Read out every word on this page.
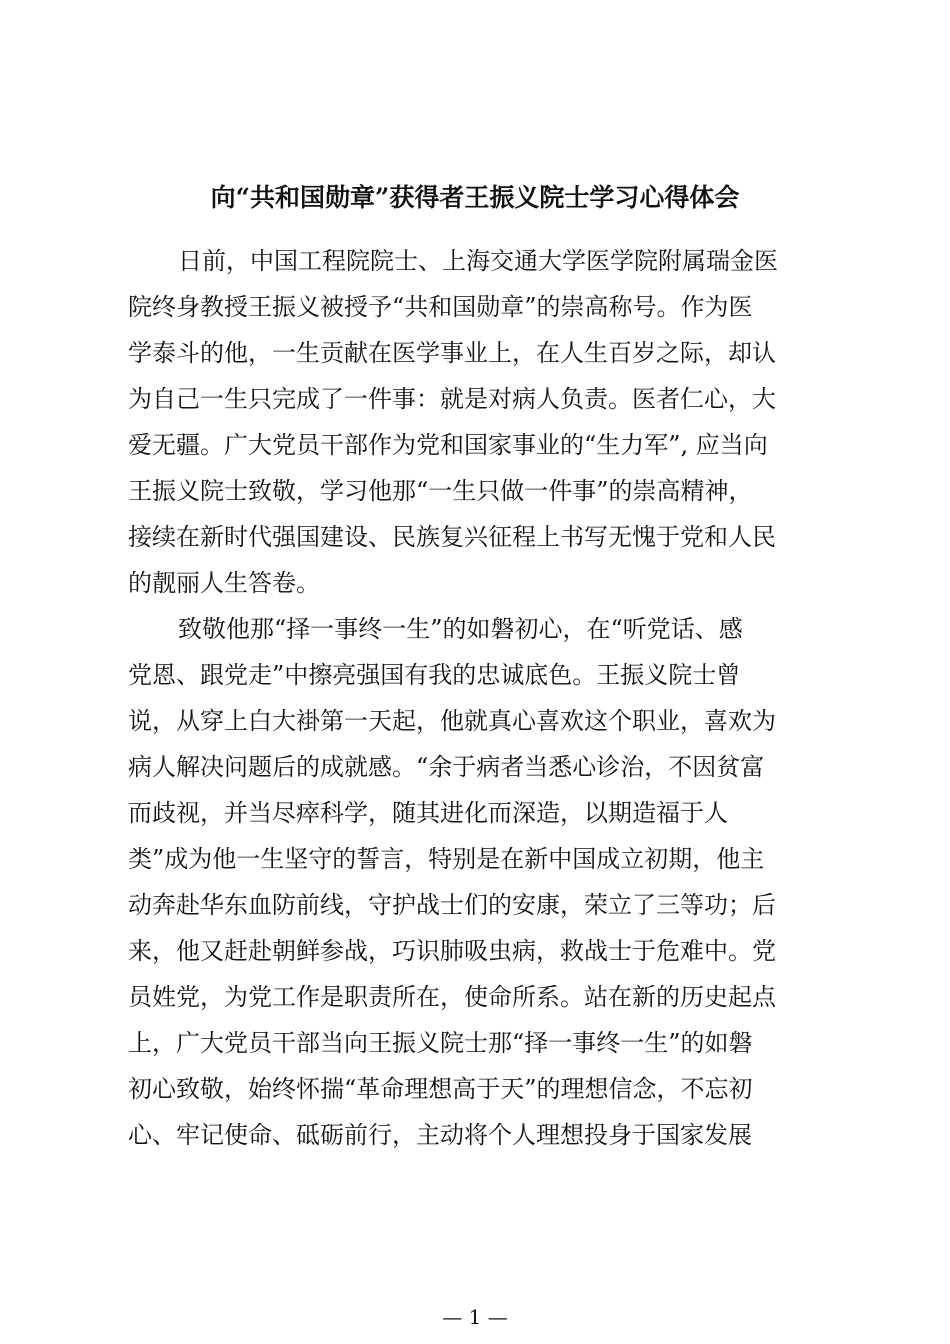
向“共和国勋章”获得者王振义院士学习心得体会
日前，中国工程院院士、上海交通大学医学院附属瑞金医
院终身教授王振义被授予“共和国勋章”的崇高称号。作为医
学泰斗的他，一生贡献在医学事业上，在人生百岁之际，却认
为自己一生只完成了一件事：就是对病人负责。医者仁心，大
爱无疆。广大党员干部作为党和国家事业的“生力军”, 应当向
王振义院士致敬，学习他那“一生只做一件事”的崇高精神，
接续在新时代强国建设、民族复兴征程上书写无愧于党和人民
的靓丽人生答卷。
致敬他那“择一事终一生”的如磐初心，在“听党话、感
党恩、跟党走”中擦亮强国有我的忠诚底色。王振义院士曾
说，从穿上白大褂第一天起，他就真心喜欢这个职业，喜欢为
病人解决问题后的成就感。“余于病者当悉心诊治，不因贫富
而歧视，并当尽瘁科学，随其进化而深造，以期造福于人
类”成为他一生坚守的誓言，特别是在新中国成立初期，他主
动奔赴华东血防前线，守护战士们的安康，荣立了三等功；后
来，他又赶赴朝鲜参战，巧识肺吸虫病，救战士于危难中。党
员姓党，为党工作是职责所在，使命所系。站在新的历史起点
上，广大党员干部当向王振义院士那“择一事终一生”的如磐
初心致敬，始终怀揣“革命理想高于天”的理想信念，不忘初
心、牢记使命、砥砺前行，主动将个人理想投身于国家发展
— 1 —
